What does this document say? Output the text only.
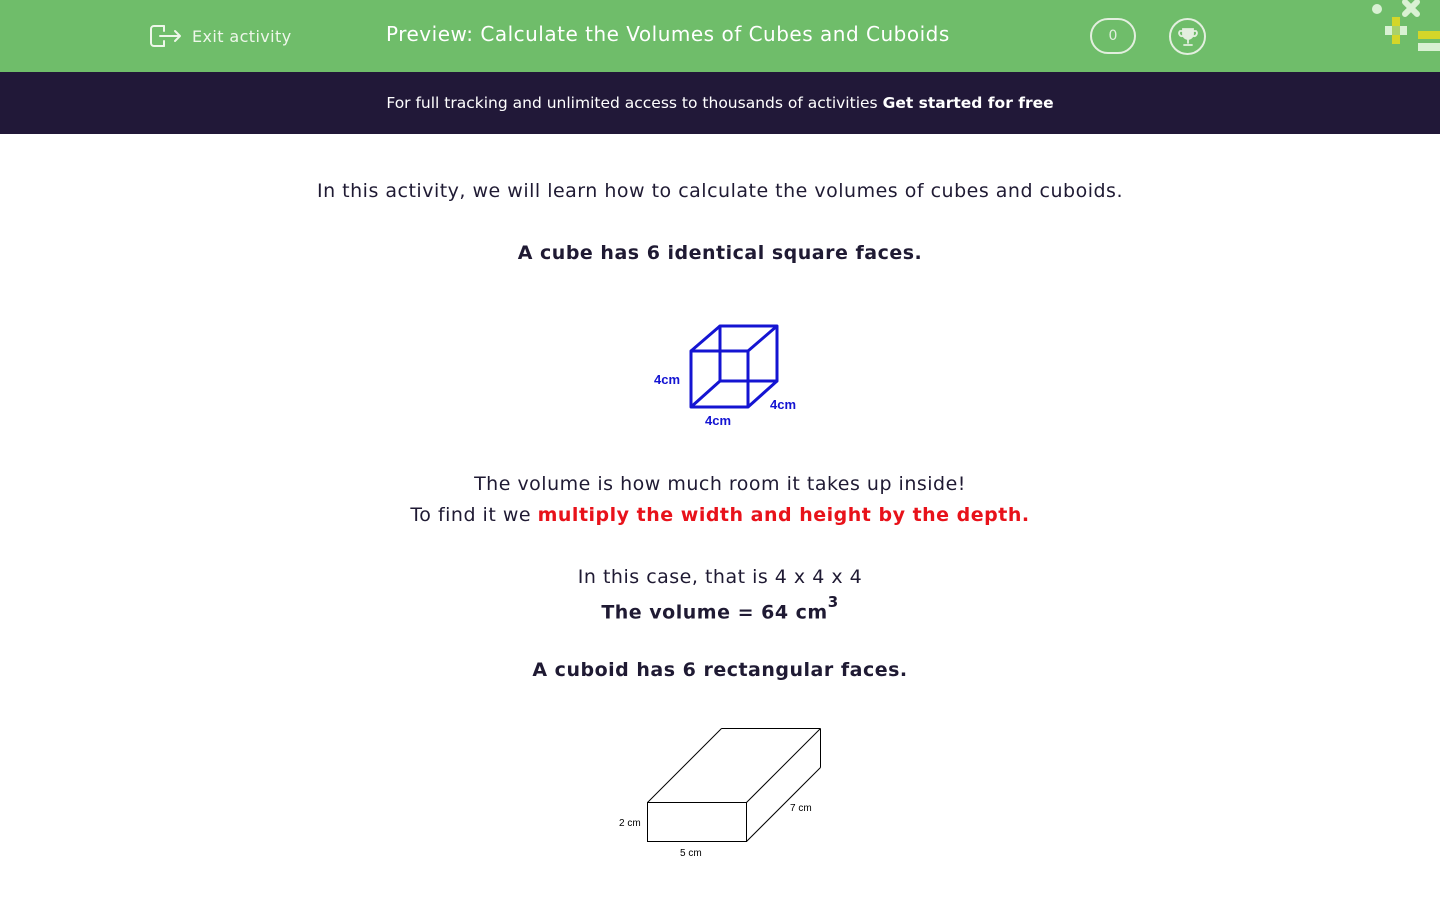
Exit activity	Preview: Calculate the Volumes of Cubes and Cuboids	0
For full tracking and unlimited access to thousands of activities Get started for free
In this activity, we will learn how to calculate the volumes of cubes and cuboids.
A cube has 6 identical square faces.
4cm
4cm
4cm
The volume is how much room it takes up inside!
To find it we multiply the width and height by the depth.
In this case, that is 4 x 4 x 4
The volume = 64 $cm^3$
A cuboid has 6 rectangular faces.
2 cm
5 cm
7 cm
